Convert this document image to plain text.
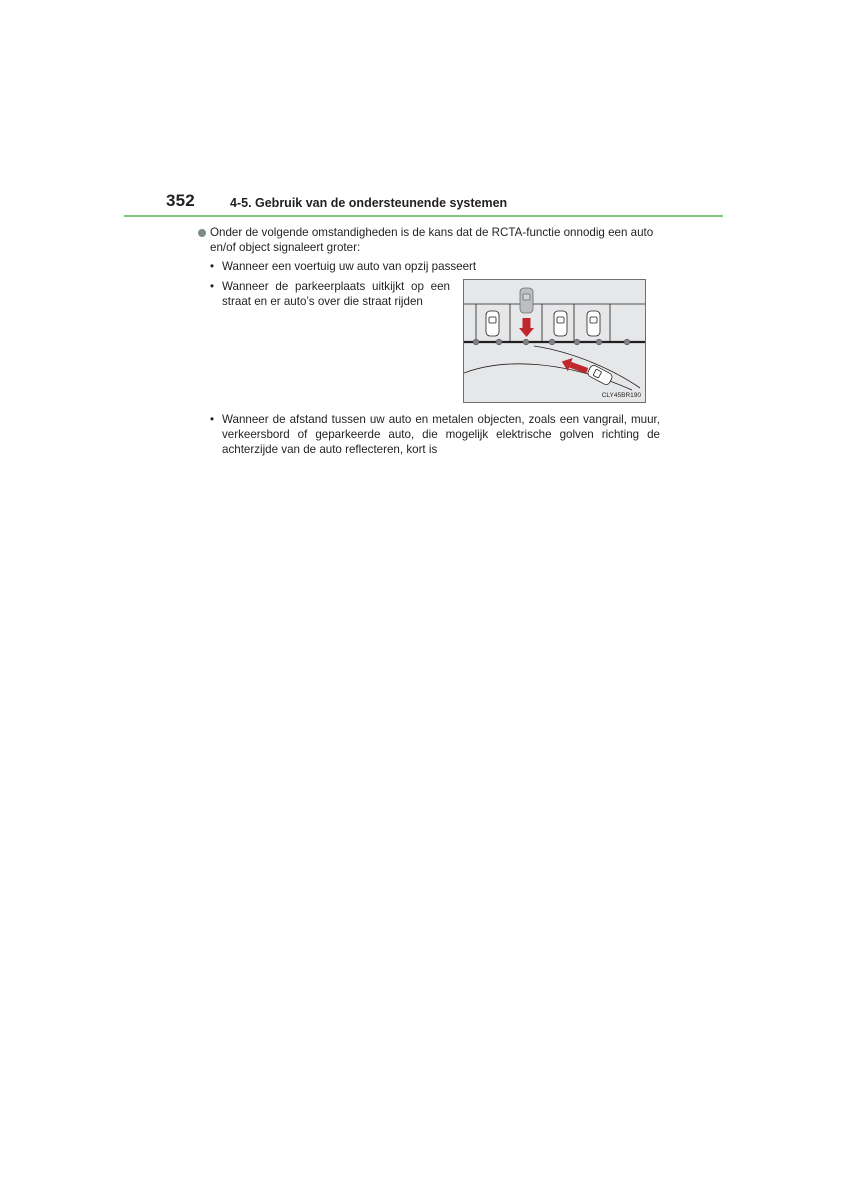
352	4-5. Gebruik van de ondersteunende systemen
Onder de volgende omstandigheden is de kans dat de RCTA-functie onnodig een auto en/of object signaleert groter:
• Wanneer een voertuig uw auto van opzij passeert
• Wanneer de parkeerplaats uitkijkt op een straat en er auto’s over die straat rijden
CLY45BR190
• Wanneer de afstand tussen uw auto en metalen objecten, zoals een vangrail, muur, verkeersbord of geparkeerde auto, die mogelijk elektrische golven richting de achterzijde van de auto reflecteren, kort is
